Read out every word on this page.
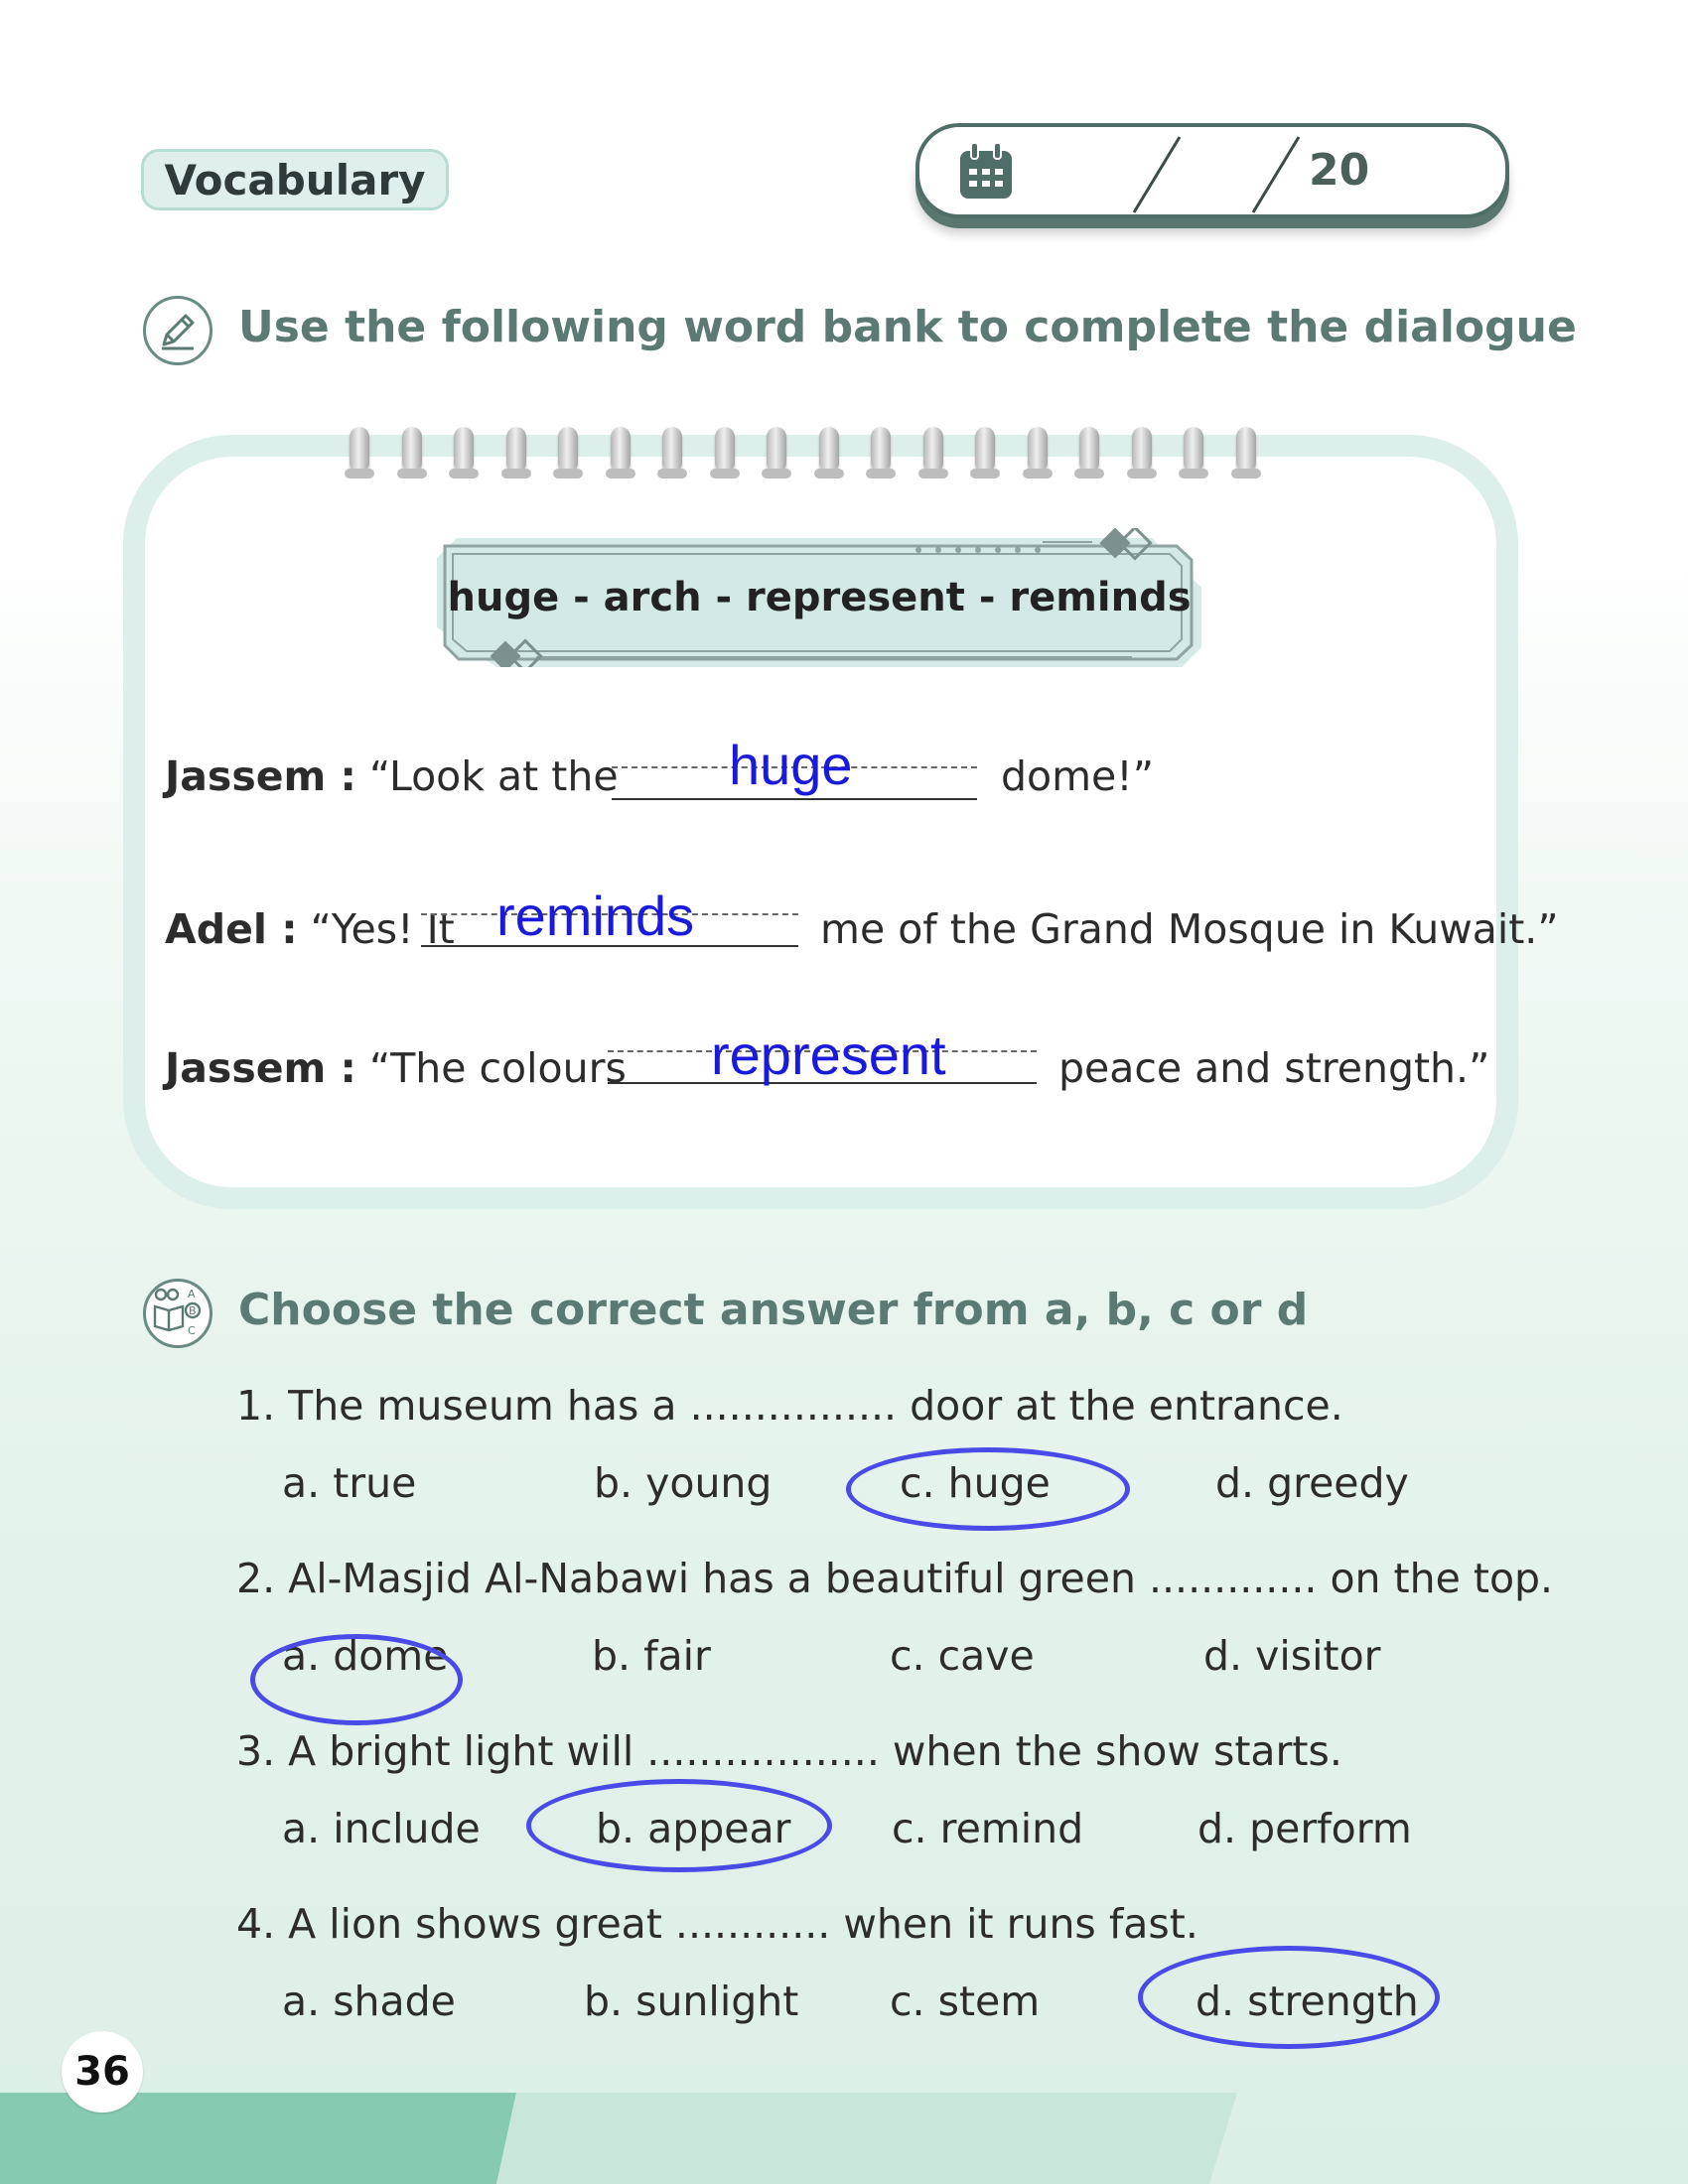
Vocabulary	20
Use the following word bank to complete the dialogue
huge - arch - represent - reminds
Jassem : “Look at the huge	dome!”
Adel : “Yes! It reminds	me of the Grand Mosque in Kuwait.”
Jassem : “The colours represent	peace and strength.”
A
B
C Choose the correct answer from a, b, c or d
1. The museum has a ................ door at the entrance.
a. true	b. young	c. huge	d. greedy
2. Al-Masjid Al-Nabawi has a beautiful green ............. on the top.
a. dome	b. fair	c. cave	d. visitor
3. A bright light will .................. when the show starts.
a. include	b. appear c. remind	d. perform
4. A lion shows great ............ when it runs fast.
a. shade	b. sunlight c. stem	d. strength
36
